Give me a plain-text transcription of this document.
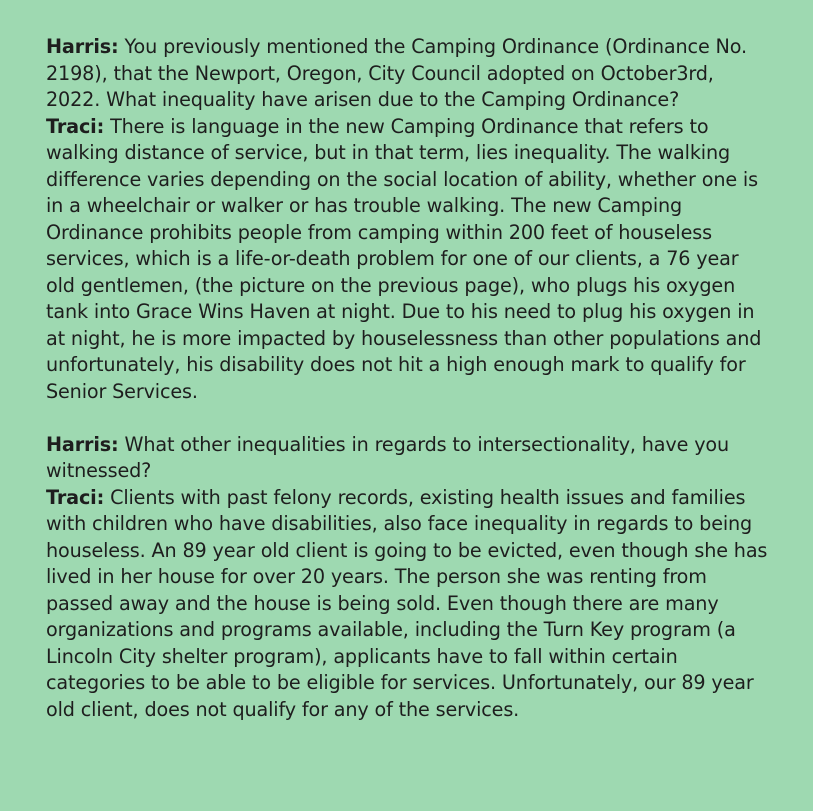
Harris: You previously mentioned the Camping Ordinance (Ordinance No. 2198), that the Newport, Oregon, City Council adopted on October3rd, 2022. What inequality have arisen due to the Camping Ordinance?

Traci: There is language in the new Camping Ordinance that refers to walking distance of service, but in that term, lies inequality. The walking difference varies depending on the social location of ability, whether one is in a wheelchair or walker or has trouble walking. The new Camping Ordinance prohibits people from camping within 200 feet of houseless services, which is a life-or-death problem for one of our clients, a 76 year old gentlemen, (the picture on the previous page), who plugs his oxygen tank into Grace Wins Haven at night. Due to his need to plug his oxygen in at night, he is more impacted by houselessness than other populations and unfortunately, his disability does not hit a high enough mark to qualify for Senior Services.

Harris: What other inequalities in regards to intersectionality, have you witnessed?

Traci: Clients with past felony records, existing health issues and families with children who have disabilities, also face inequality in regards to being houseless. An 89 year old client is going to be evicted, even though she has lived in her house for over 20 years. The person she was renting from passed away and the house is being sold. Even though there are many organizations and programs available, including the Turn Key program (a Lincoln City shelter program), applicants have to fall within certain categories to be able to be eligible for services. Unfortunately, our 89 year old client, does not qualify for any of the services.
